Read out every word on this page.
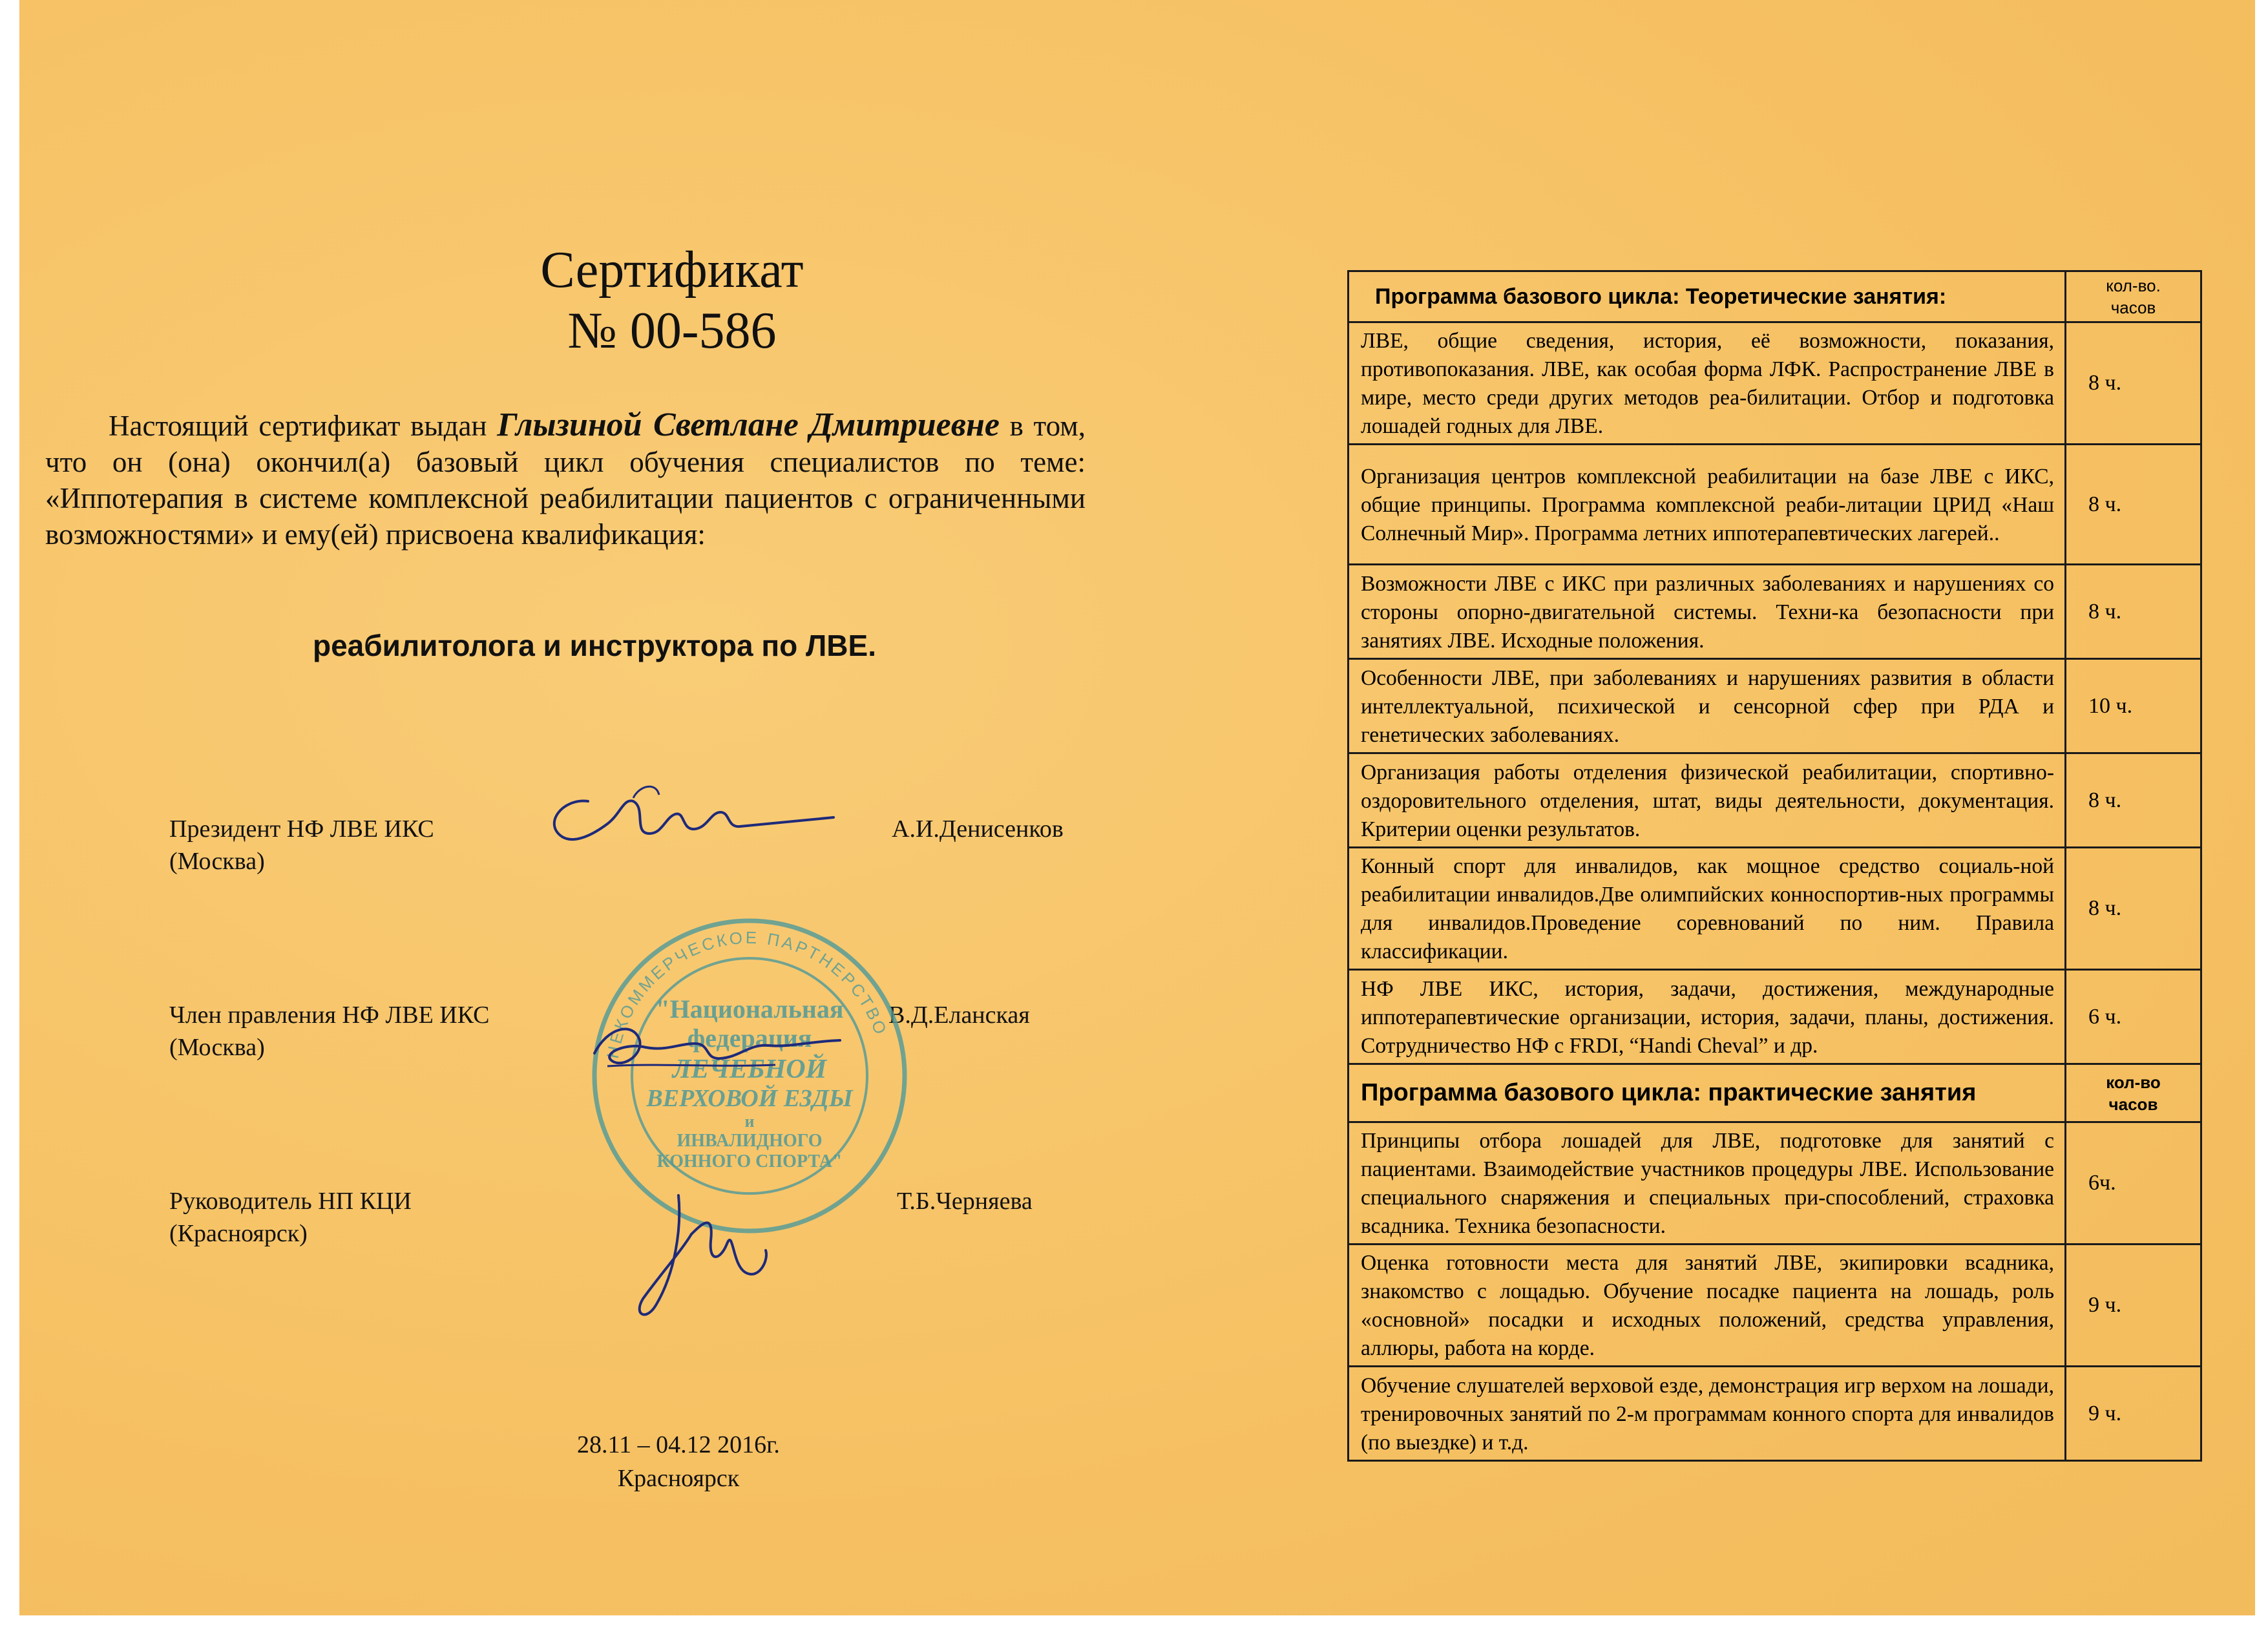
Сертификат
№ 00-586
Настоящий сертификат выдан Глызиной Светлане Дмитриевне в том, что он (она) окончил(а) базовый цикл обучения специалистов по теме: «Иппотерапия в системе комплексной реабилитации пациентов с ограниченными возможностями» и ему(ей) присвоена квалификация:
реабилитолога и инструктора по ЛВЕ.
Президент НФ ЛВЕ ИКС
(Москва)
А.И.Денисенков
Член правления НФ ЛВЕ ИКС
(Москва)
В.Д.Еланская
Руководитель НП КЦИ
(Красноярск)
Т.Б.Черняева
НЕКОММЕРЧЕСКОЕ ПАРТНЕРСТВО
"Национальная
федерация
ЛЕЧЕБНОЙ
ВЕРХОВОЙ ЕЗДЫ
и
ИНВАЛИДНОГО
КОННОГО СПОРТА"
28.11 – 04.12 2016г.
Красноярск
Программа базового цикла: Теоретические занятия:	кол-во.
часов

ЛВЕ, общие сведения, история, её возможности, показания, противопоказания. ЛВЕ, как особая форма ЛФК. Распространение ЛВЕ в мире, место среди других методов реа-билитации. Отбор и подготовка лошадей годных для ЛВЕ.	8 ч.
Организация центров комплексной реабилитации на базе ЛВЕ с ИКС, общие принципы. Программа комплексной реаби-литации ЦРИД «Наш Солнечный Мир». Программа летних иппотерапевтических лагерей..	8 ч.
Возможности ЛВЕ с ИКС при различных заболеваниях и нарушениях со стороны опорно-двигательной системы. Техни-ка безопасности при занятиях ЛВЕ. Исходные положения.	8 ч.
Особенности ЛВЕ, при заболеваниях и нарушениях развития в области интеллектуальной, психической и сенсорной сфер при РДА и генетических заболеваниях.	10 ч.
Организация работы отделения физической реабилитации, спортивно-оздоровительного отделения, штат, виды деятельности, документация. Критерии оценки результатов.	8 ч.
Конный спорт для инвалидов, как мощное средство социаль-ной реабилитации инвалидов.Две олимпийских конноспортив-ных программы для инвалидов.Проведение соревнований по ним. Правила классификации.	8 ч.
НФ ЛВЕ ИКС, история, задачи, достижения, международные иппотерапевтические организации, история, задачи, планы, достижения. Сотрудничество НФ с FRDI, “Handi Cheval” и др.	6 ч.
Программа базового цикла: практические занятия	кол-во
часов

Принципы отбора лошадей для ЛВЕ, подготовке для занятий с пациентами. Взаимодействие участников процедуры ЛВЕ. Использование специального снаряжения и специальных при-способлений, страховка всадника. Техника безопасности.	6ч.
Оценка готовности места для занятий ЛВЕ, экипировки всадника, знакомство с лощадью. Обучение посадке пациента на лошадь, роль «основной» посадки и исходных положений, средства управления, аллюры, работа на корде.	9 ч.
Обучение слушателей верховой езде, демонстрация игр верхом на лошади, тренировочных занятий по 2-м программам конного спорта для инвалидов (по выездке) и т.д.	9 ч.
